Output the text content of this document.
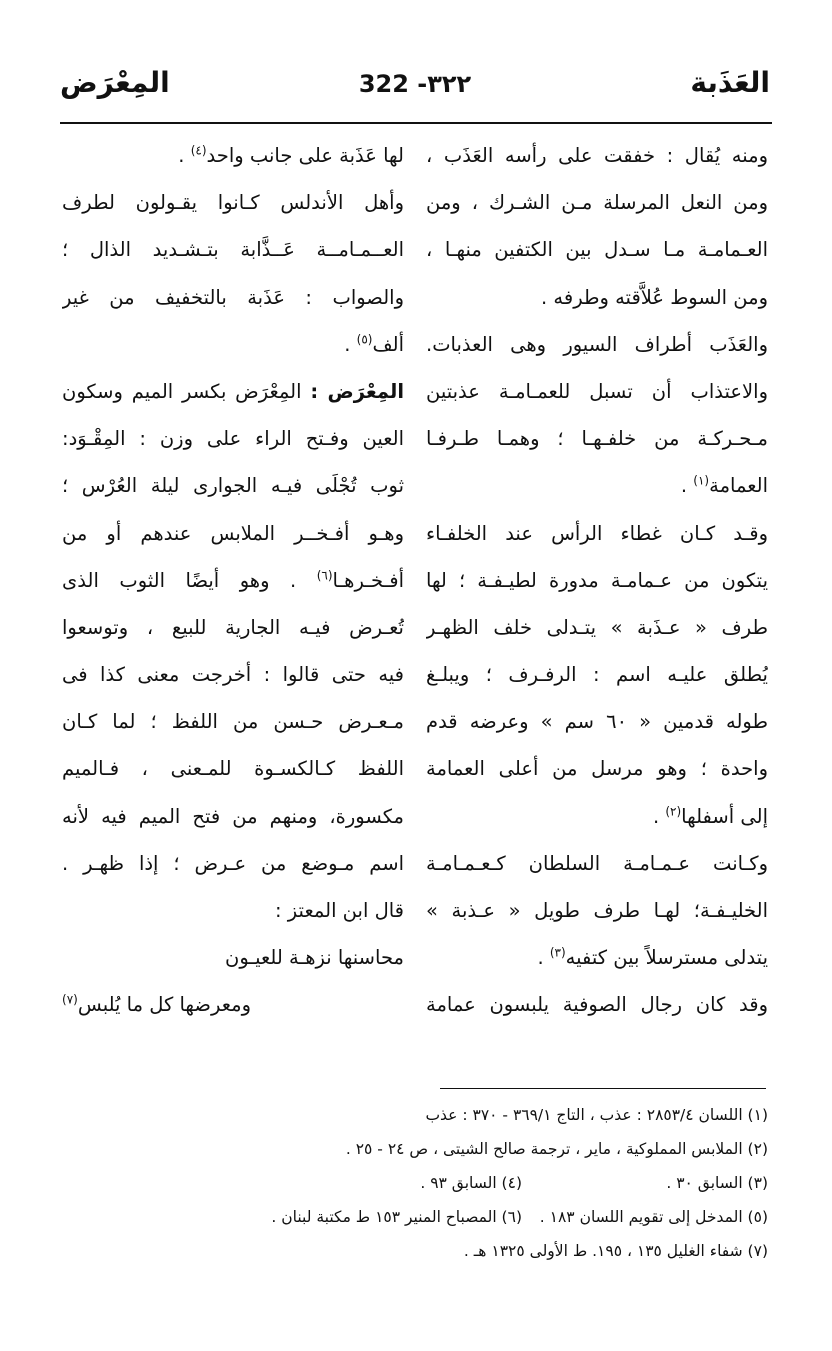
العَذَبة
322 -٣٢٢
المِعْرَض
ومنه يُقال : خفقت على رأسه العَذَب ،
ومن النعل المرسلة مـن الشـرك ، ومن
العـمامـة مـا سـدل بين الكتفين منهـا ،
ومن السوط عُلاَّقته وطرفه .
والعَذَب أطراف السيور وهى العذبات.
والاعتذاب أن تسبل للعمـامـة عذبتين
مـحـركـة من خلفـهـا ؛ وهمـا طـرفـا
العمامة$^{(١)}$ .
وقـد كـان غطاء الرأس عند الخلفـاء
يتكون من عـمامـة مدورة لطيـفـة ؛ لها
طرف « عـذَبة » يتـدلى خلف الظهـر
يُطلق عليـه اسم : الرفـرف ؛ ويبلـغ
طوله قدمين « ٦٠ سم » وعرضه قدم
واحدة ؛ وهو مرسل من أعلى العمامة
إلى أسفلها$^{(٢)}$ .
وكـانت عـمـامـة السلطان كـعـمـامـة
الخليـفـة؛ لهـا طرف طويل « عـذبة »
يتدلى مسترسلاً بين كتفيه$^{(٣)}$ .
وقد كان رجال الصوفية يلبسون عمامة
لها عَذَبة على جانب واحد$^{(٤)}$ .
وأهل الأندلس كـانوا يقـولون لطرف
العــمـامــة عَــذَّابة بتـشـديد الذال ؛
والصواب : عَذَبة بالتخفيف من غير
ألف$^{(٥)}$ .
المِعْرَض : المِعْرَض بكسر الميم وسكون
العين وفـتح الراء على وزن : المِقْـوَد:
ثوب تُجْلَى فيـه الجوارى ليلة العُرْس ؛
وهـو أفـخــر الملابس عندهم أو من
أفـخـرهـا$^{(٦)}$ . وهو أيضًا الثوب الذى
تُعـرض فيـه الجارية للبيع ، وتوسعوا
فيه حتى قالوا : أخرجت معنى كذا فى
مـعـرض حـسن من اللفظ ؛ لما كـان
اللفظ كـالكسـوة للمـعنى ، فـالميم
مكسورة، ومنهم من فتح الميم فيه لأنه
اسم مـوضع من عـرض ؛ إذا ظهـر .
قال ابن المعتز :
محاسنها نزهـة للعيـون
ومعرضها كل ما يُلبس$^{(٧)}$
(١) اللسان ٢٨٥٣/٤ : عذب ، التاج ٣٦٩/١ - ٣٧٠ : عذب
(٢) الملابس المملوكية ، ماير ، ترجمة صالح الشيتى ، ص ٢٤ - ٢٥ .
(٣) السابق ٣٠ .
(٤) السابق ٩٣ .
(٥) المدخل إلى تقويم اللسان ١٨٣ .
(٦) المصباح المنير ١٥٣ ط مكتبة لبنان .
(٧) شفاء الغليل ١٣٥ ، ١٩٥. ط الأولى ١٣٢٥ هـ .
